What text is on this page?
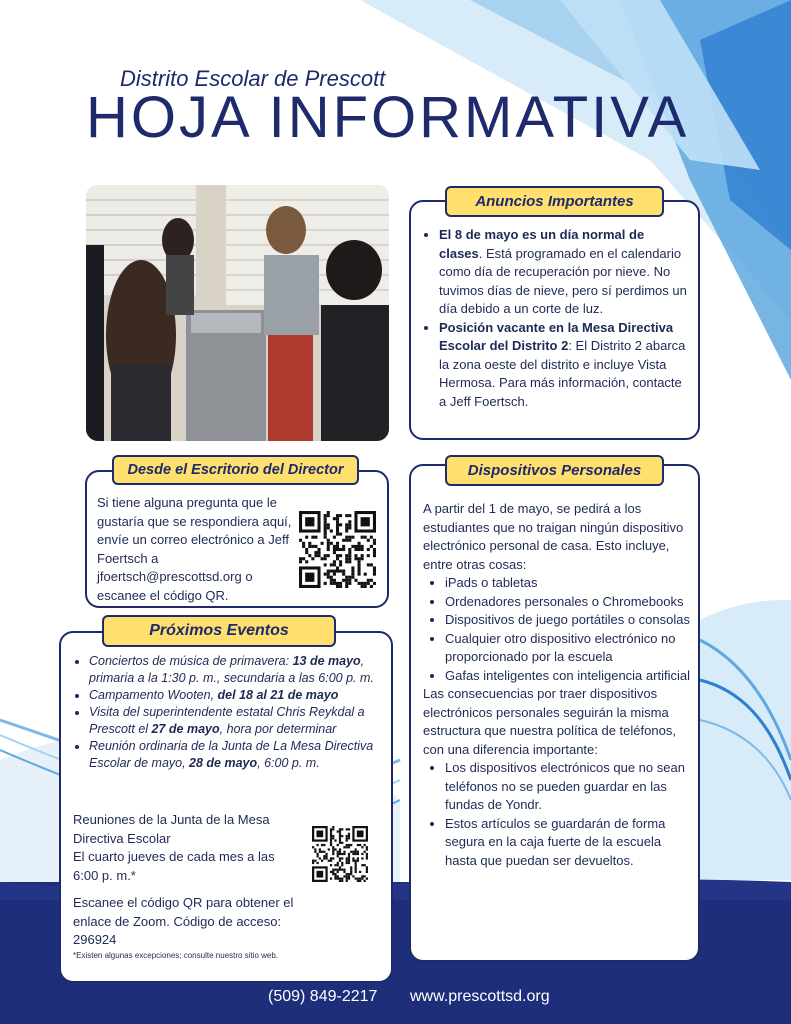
Distrito Escolar de Prescott
HOJA INFORMATIVA
• El 8 de mayo es un día normal de clases. Está programado en el calendario como día de recuperación por nieve. No tuvimos días de nieve, pero sí perdimos un día debido a un corte de luz.
• Posición vacante en la Mesa Directiva Escolar del Distrito 2: El Distrito 2 abarca la zona oeste del distrito e incluye Vista Hermosa. Para más información, contacte a Jeff Foertsch.
Anuncios Importantes
Si tiene alguna pregunta que le gustaría que se respondiera aquí, envíe un correo electrónico a Jeff Foertsch a jfoertsch@prescottsd.org o escanee el código QR.
Desde el Escritorio del Director
A partir del 1 de mayo, se pedirá a los estudiantes que no traigan ningún dispositivo electrónico personal de casa. Esto incluye, entre otras cosas:
• iPads o tabletas
• Ordenadores personales o Chromebooks
• Dispositivos de juego portátiles o consolas
• Cualquier otro dispositivo electrónico no proporcionado por la escuela
• Gafas inteligentes con inteligencia artificial
Las consecuencias por traer dispositivos electrónicos personales seguirán la misma estructura que nuestra política de teléfonos, con una diferencia importante:
• Los dispositivos electrónicos que no sean teléfonos no se pueden guardar en las fundas de Yondr.
• Estos artículos se guardarán de forma segura en la caja fuerte de la escuela hasta que puedan ser devueltos.
Dispositivos Personales
• Conciertos de música de primavera: 13 de mayo, primaria a la 1:30 p. m., secundaria a las 6:00 p. m.
• Campamento Wooten, del 18 al 21 de mayo
• Visita del superintendente estatal Chris Reykdal a Prescott el 27 de mayo, hora por determinar
• Reunión ordinaria de la Junta de La Mesa Directiva Escolar de mayo, 28 de mayo, 6:00 p. m.
Reuniones de la Junta de la Mesa Directiva Escolar
El cuarto jueves de cada mes a las 6:00 p. m.*
Escanee el código QR para obtener el enlace de Zoom. Código de acceso: 296924
*Existen algunas excepciones; consulte nuestro sitio web.
Próximos Eventos
(509) 849-2217 www.prescottsd.org
